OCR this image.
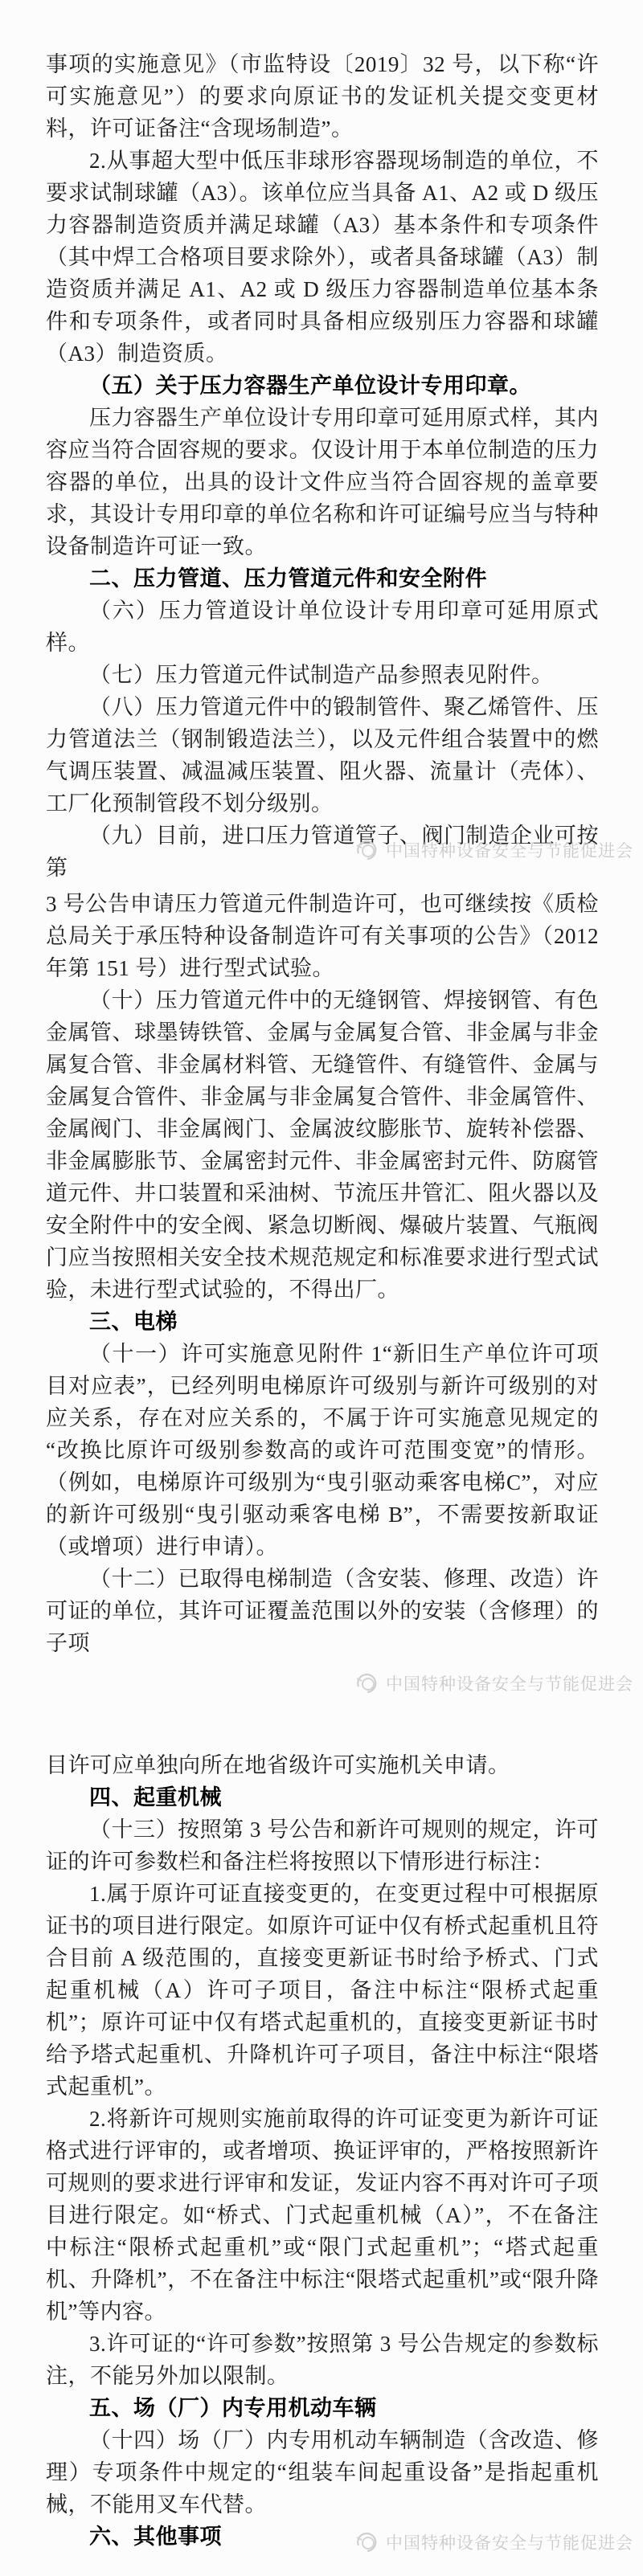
事项的实施意见》（市监特设〔2019〕32 号，以下称“许可实施意见”）的要求向原证书的发证机关提交变更材料，许可证备注“含现场制造”。

2.从事超大型中低压非球形容器现场制造的单位，不要求试制球罐（A3）。该单位应当具备 A1、A2 或 D 级压力容器制造资质并满足球罐（A3）基本条件和专项条件（其中焊工合格项目要求除外），或者具备球罐（A3）制造资质并满足 A1、A2 或 D 级压力容器制造单位基本条件和专项条件，或者同时具备相应级别压力容器和球罐（A3）制造资质。

（五）关于压力容器生产单位设计专用印章。

压力容器生产单位设计专用印章可延用原式样，其内容应当符合固容规的要求。仅设计用于本单位制造的压力容器的单位，出具的设计文件应当符合固容规的盖章要求，其设计专用印章的单位名称和许可证编号应当与特种设备制造许可证一致。

二、压力管道、压力管道元件和安全附件

（六）压力管道设计单位设计专用印章可延用原式样。

（七）压力管道元件试制造产品参照表见附件。

（八）压力管道元件中的锻制管件、聚乙烯管件、压力管道法兰（钢制锻造法兰），以及元件组合装置中的燃气调压装置、减温减压装置、阻火器、流量计（壳体）、工厂化预制管段不划分级别。

（九）目前，进口压力管道管子、阀门制造企业可按第

中国特种设备安全与节能促进会

3 号公告申请压力管道元件制造许可，也可继续按《质检总局关于承压特种设备制造许可有关事项的公告》（2012 年第 151 号）进行型式试验。

（十）压力管道元件中的无缝钢管、焊接钢管、有色金属管、球墨铸铁管、金属与金属复合管、非金属与非金属复合管、非金属材料管、无缝管件、有缝管件、金属与金属复合管件、非金属与非金属复合管件、非金属管件、金属阀门、非金属阀门、金属波纹膨胀节、旋转补偿器、非金属膨胀节、金属密封元件、非金属密封元件、防腐管道元件、井口装置和采油树、节流压井管汇、阻火器以及安全附件中的安全阀、紧急切断阀、爆破片装置、气瓶阀门应当按照相关安全技术规范规定和标准要求进行型式试验，未进行型式试验的，不得出厂。

三、电梯

（十一）许可实施意见附件 1“新旧生产单位许可项目对应表”，已经列明电梯原许可级别与新许可级别的对应关系，存在对应关系的，不属于许可实施意见规定的“改换比原许可级别参数高的或许可范围变宽”的情形。（例如，电梯原许可级别为“曳引驱动乘客电梯C”，对应的新许可级别“曳引驱动乘客电梯 B”，不需要按新取证（或增项）进行申请）。

（十二）已取得电梯制造（含安装、修理、改造）许可证的单位，其许可证覆盖范围以外的安装（含修理）的子项

中国特种设备安全与节能促进会

目许可应单独向所在地省级许可实施机关申请。

四、起重机械

（十三）按照第 3 号公告和新许可规则的规定，许可证的许可参数栏和备注栏将按照以下情形进行标注：

1.属于原许可证直接变更的，在变更过程中可根据原证书的项目进行限定。如原许可证中仅有桥式起重机且符合目前 A 级范围的，直接变更新证书时给予桥式、门式起重机械（A）许可子项目，备注中标注“限桥式起重机”；原许可证中仅有塔式起重机的，直接变更新证书时给予塔式起重机、升降机许可子项目，备注中标注“限塔式起重机”。

2.将新许可规则实施前取得的许可证变更为新许可证格式进行评审的，或者增项、换证评审的，严格按照新许可规则的要求进行评审和发证，发证内容不再对许可子项目进行限定。如“桥式、门式起重机械（A）”，不在备注中标注“限桥式起重机”或“限门式起重机”；“塔式起重机、升降机”，不在备注中标注“限塔式起重机”或“限升降机”等内容。

3.许可证的“许可参数”按照第 3 号公告规定的参数标注，不能另外加以限制。

五、场（厂）内专用机动车辆

（十四）场（厂）内专用机动车辆制造（含改造、修理）专项条件中规定的“组装车间起重设备”是指起重机械，不能用叉车代替。

六、其他事项	中国特种设备安全与节能促进会
